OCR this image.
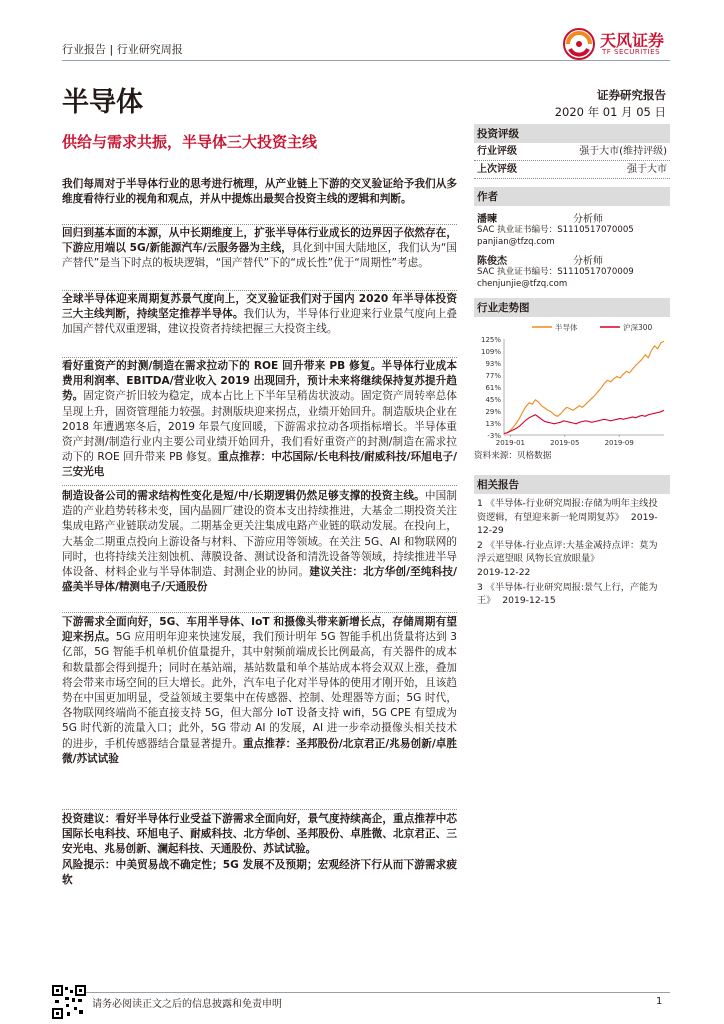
行业报告 | 行业研究周报	天风证券
TF SECURITIES
半导体	证券研究报告
2020 年 01 月 05 日
供给与需求共振，半导体三大投资主线

我们每周对于半导体行业的思考进行梳理，从产业链上下游的交叉验证给予我们从多维度看待行业的视角和观点，并从中提炼出最契合投资主线的逻辑和判断。

回归到基本面的本源，从中长期维度上，扩张半导体行业成长的边界因子依然存在，下游应用端以 5G/新能源汽车/云服务器为主线，具化到中国大陆地区，我们认为“国产替代”是当下时点的板块逻辑，“国产替代”下的“成长性”优于“周期性”考虑。

全球半导体迎来周期复苏景气度向上，交叉验证我们对于国内 2020 年半导体投资三大主线判断，持续坚定推荐半导体。我们认为，半导体行业迎来行业景气度向上叠加国产替代双重逻辑，建议投资者持续把握三大投资主线。

看好重资产的封测/制造在需求拉动下的 ROE 回升带来 PB 修复。半导体行业成本费用利润率、EBITDA/营业收入 2019 出现回升，预计未来将继续保持复苏提升趋势。固定资产折旧较为稳定，成本占比上下半年呈稍齿状波动。固定资产周转率总体呈现上升，固资管理能力较强。封测版块迎来拐点，业绩开始回升。制造版块企业在 2018 年遭遇寒冬后，2019 年景气度回暖，下游需求拉动各项指标增长。半导体重资产封测/制造行业内主要公司业绩开始回升，我们看好重资产的封测/制造在需求拉动下的 ROE 回升带来 PB 修复。重点推荐：中芯国际/长电科技/耐威科技/环旭电子/三安光电

制造设备公司的需求结构性变化是短/中/长期逻辑仍然足够支撑的投资主线。中国制造的产业趋势转移未变，国内晶圆厂建设的资本支出持续推进，大基金二期投资关注集成电路产业链联动发展。二期基金更关注集成电路产业链的联动发展。在投向上，大基金二期重点投向上游设备与材料、下游应用等领域。在关注 5G、AI 和物联网的同时，也将持续关注刻蚀机、薄膜设备、测试设备和清洗设备等领域，持续推进半导体设备、材料企业与半导体制造、封测企业的协同。建议关注：北方华创/至纯科技/盛美半导体/精测电子/天通股份

下游需求全面向好，5G、车用半导体、IoT 和摄像头带来新增长点，存储周期有望迎来拐点。5G 应用明年迎来快速发展，我们预计明年 5G 智能手机出货量将达到 3 亿部，5G 智能手机单机价值量提升，其中射频前端成长比例最高，有关器件的成本和数量都会得到提升；同时在基站端，基站数量和单个基站成本将会双双上涨，叠加将会带来市场空间的巨大增长。此外，汽车电子化对半导体的使用才刚开始，且该趋势在中国更加明显，受益领域主要集中在传感器、控制、处理器等方面；5G 时代，各物联网终端尚不能直接支持 5G，但大部分 IoT 设备支持 wifi，5G CPE 有望成为 5G 时代新的流量入口；此外，5G 带动 AI 的发展，AI 进一步牵动摄像头相关技术的进步，手机传感器结合量显著提升。重点推荐：圣邦股份/北京君正/兆易创新/卓胜微/苏试试验

投资建议：看好半导体行业受益下游需求全面向好，景气度持续高企，重点推荐中芯国际长电科技、环旭电子、耐威科技、北方华创、圣邦股份、卓胜微、北京君正、三安光电、兆易创新、澜起科技、天通股份、苏试试验。

风险提示：中美贸易战不确定性；5G 发展不及预期；宏观经济下行从而下游需求疲软

投资评级
行业评级	强于大市(维持评级)
上次评级	强于大市
作者
潘暕	分析师
SAC 执业证书编号：S1110517070005
panjian@tfzq.com
陈俊杰	分析师
SAC 执业证书编号：S1110517070009
chenjunjie@tfzq.com
行业走势图
-3%
13%
29%
45%
61%
77%
93%
109%
125%
2019-01	2019-05	2019-09
半导体	沪深300
资料来源：贝格数据
相关报告
1 《半导体-行业研究周报:存储为明年主线投资逻辑，有望迎来新一轮周期复苏》 2019-12-29
2 《半导体-行业点评:大基金减持点评：莫为浮云遮望眼 风物长宜放眼量》
2019-12-22
3 《半导体-行业研究周报:景气上行，产能为王》 2019-12-15
请务必阅读正文之后的信息披露和免责申明	1
